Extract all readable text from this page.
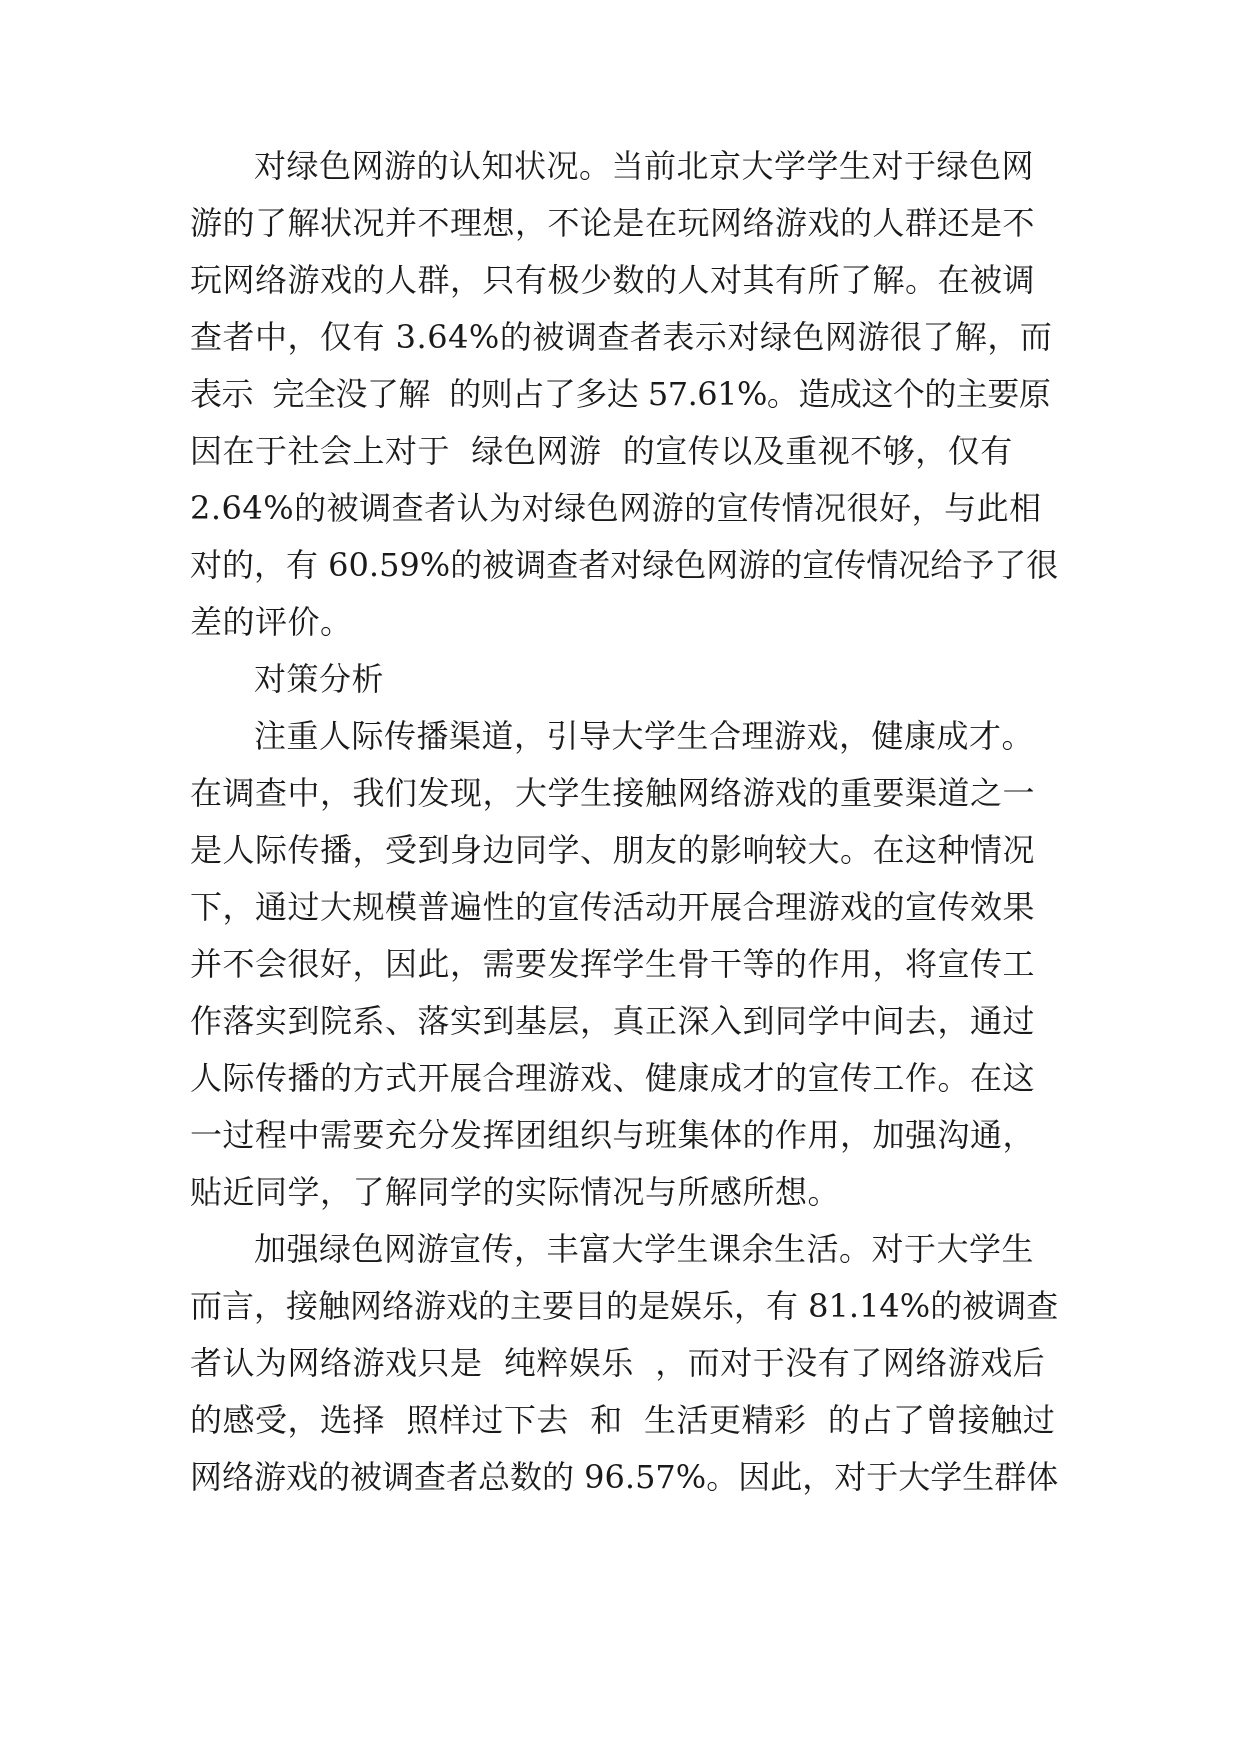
对绿色网游的认知状况。当前北京大学学生对于绿色网
游的了解状况并不理想，不论是在玩网络游戏的人群还是不
玩网络游戏的人群，只有极少数的人对其有所了解。在被调
查者中，仅有 3.64%的被调查者表示对绿色网游很了解，而
表示  完全没了解  的则占了多达 57.61%。造成这个的主要原
因在于社会上对于  绿色网游  的宣传以及重视不够，仅有
2.64%的被调查者认为对绿色网游的宣传情况很好，与此相
对的，有 60.59%的被调查者对绿色网游的宣传情况给予了很
差的评价。
对策分析
注重人际传播渠道，引导大学生合理游戏，健康成才。
在调查中，我们发现，大学生接触网络游戏的重要渠道之一
是人际传播，受到身边同学、朋友的影响较大。在这种情况
下，通过大规模普遍性的宣传活动开展合理游戏的宣传效果
并不会很好，因此，需要发挥学生骨干等的作用，将宣传工
作落实到院系、落实到基层，真正深入到同学中间去，通过
人际传播的方式开展合理游戏、健康成才的宣传工作。在这
一过程中需要充分发挥团组织与班集体的作用，加强沟通，
贴近同学，了解同学的实际情况与所感所想。
加强绿色网游宣传，丰富大学生课余生活。对于大学生
而言，接触网络游戏的主要目的是娱乐，有 81.14%的被调查
者认为网络游戏只是  纯粹娱乐  ，而对于没有了网络游戏后
的感受，选择  照样过下去  和  生活更精彩  的占了曾接触过
网络游戏的被调查者总数的 96.57%。因此，对于大学生群体
